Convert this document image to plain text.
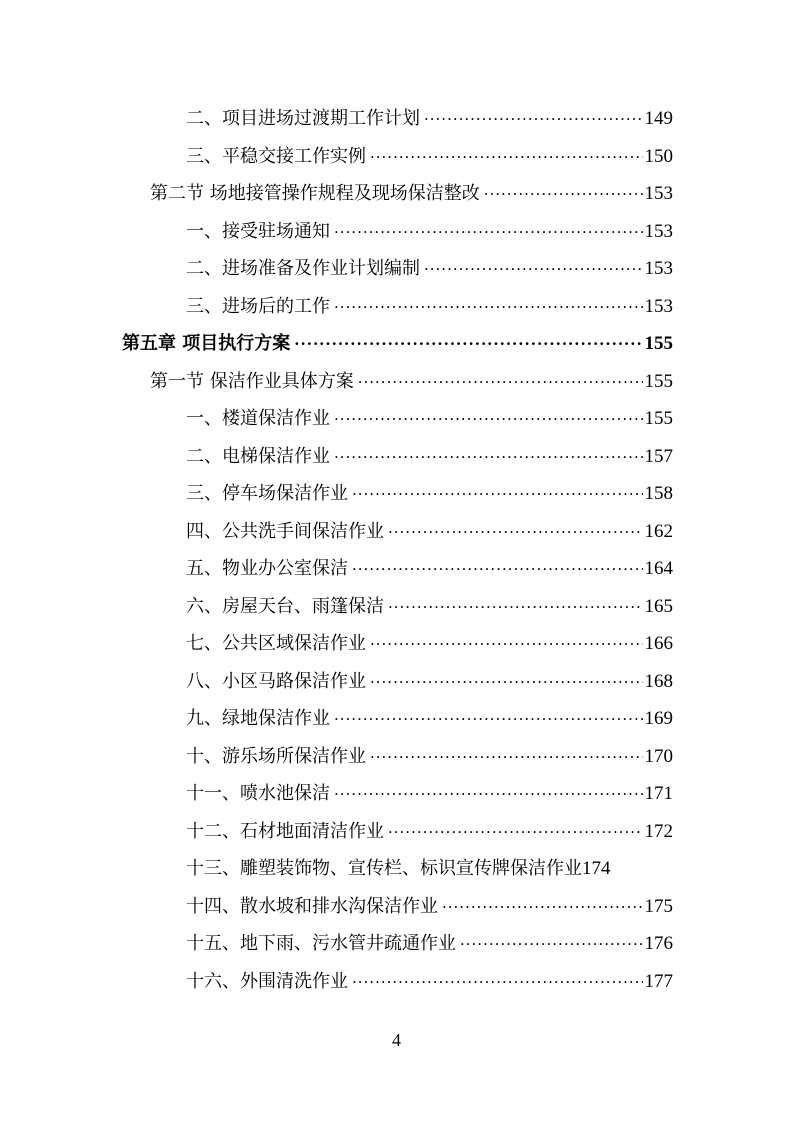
二、项目进场过渡期工作计划 ·····	149
三、平稳交接工作实例 ·····	150
第二节 场地接管操作规程及现场保洁整改 ·····	153
一、接受驻场通知 ·····	153
二、进场准备及作业计划编制 ·····	153
三、进场后的工作 ·····	153
第五章 项目执行方案 ·····	155
第一节 保洁作业具体方案 ·····	155
一、楼道保洁作业 ·····	155
二、电梯保洁作业 ·····	157
三、停车场保洁作业 ·····	158
四、公共洗手间保洁作业 ·····	162
五、物业办公室保洁 ·····	164
六、房屋天台、雨篷保洁 ·····	165
七、公共区域保洁作业 ·····	166
八、小区马路保洁作业 ·····	168
九、绿地保洁作业 ·····	169
十、游乐场所保洁作业 ·····	170
十一、喷水池保洁 ·····	171
十二、石材地面清洁作业 ·····	172
十三、雕塑装饰物、宣传栏、标识宣传牌保洁作业 174
十四、散水坡和排水沟保洁作业 ·····	175
十五、地下雨、污水管井疏通作业 ·····	176
十六、外围清洗作业 ·····	177
4
